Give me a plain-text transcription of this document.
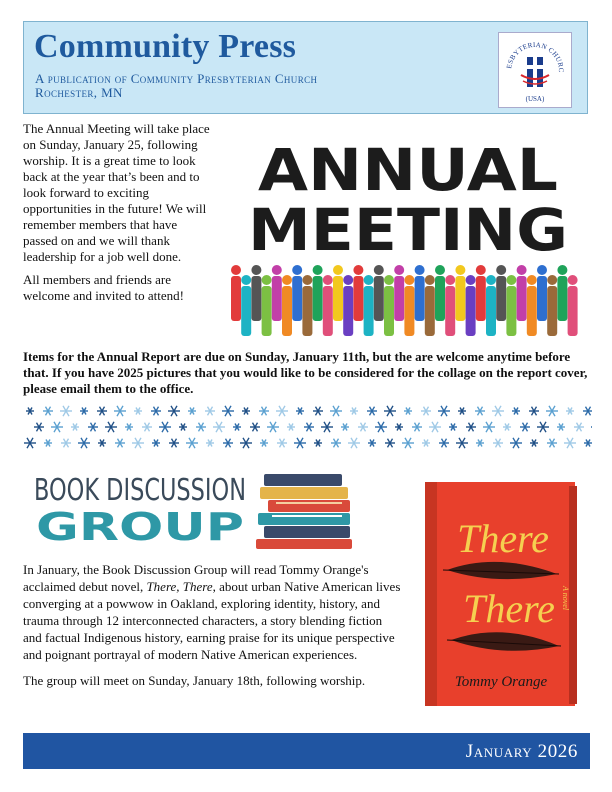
Community Press
A publication of Community Presbyterian Church
Rochester, MN
ESBYTERIAN CHURC
(USA)

The Annual Meeting will take place on Sunday, January 25, following worship. It is a great time to look back at the year that’s been and to look forward to exciting opportunities in the future! We will remember members that have passed on and we will thank leadership for a job well done.

All members and friends are welcome and invited to attend!

ANNUAL
MEETING
Items for the Annual Report are due on Sunday, January 11th, but the are welcome anytime before that. If you have 2025 pictures that you would like to be considered for the collage on the report cover, please email them to the office.
BOOK DISCUSSION
GROUP

In January, the Book Discussion Group will read Tommy Orange's acclaimed debut novel, There, There, about urban Native American lives converging at a powwow in Oakland, exploring identity, history, and trauma through 12 interconnected characters, a story blending fiction and factual Indigenous history, earning praise for its unique perspective and poignant portrayal of modern Native American experiences.

The group will meet on Sunday, January 18th, following worship.

There
There A novel
Tommy Orange
January 2026
